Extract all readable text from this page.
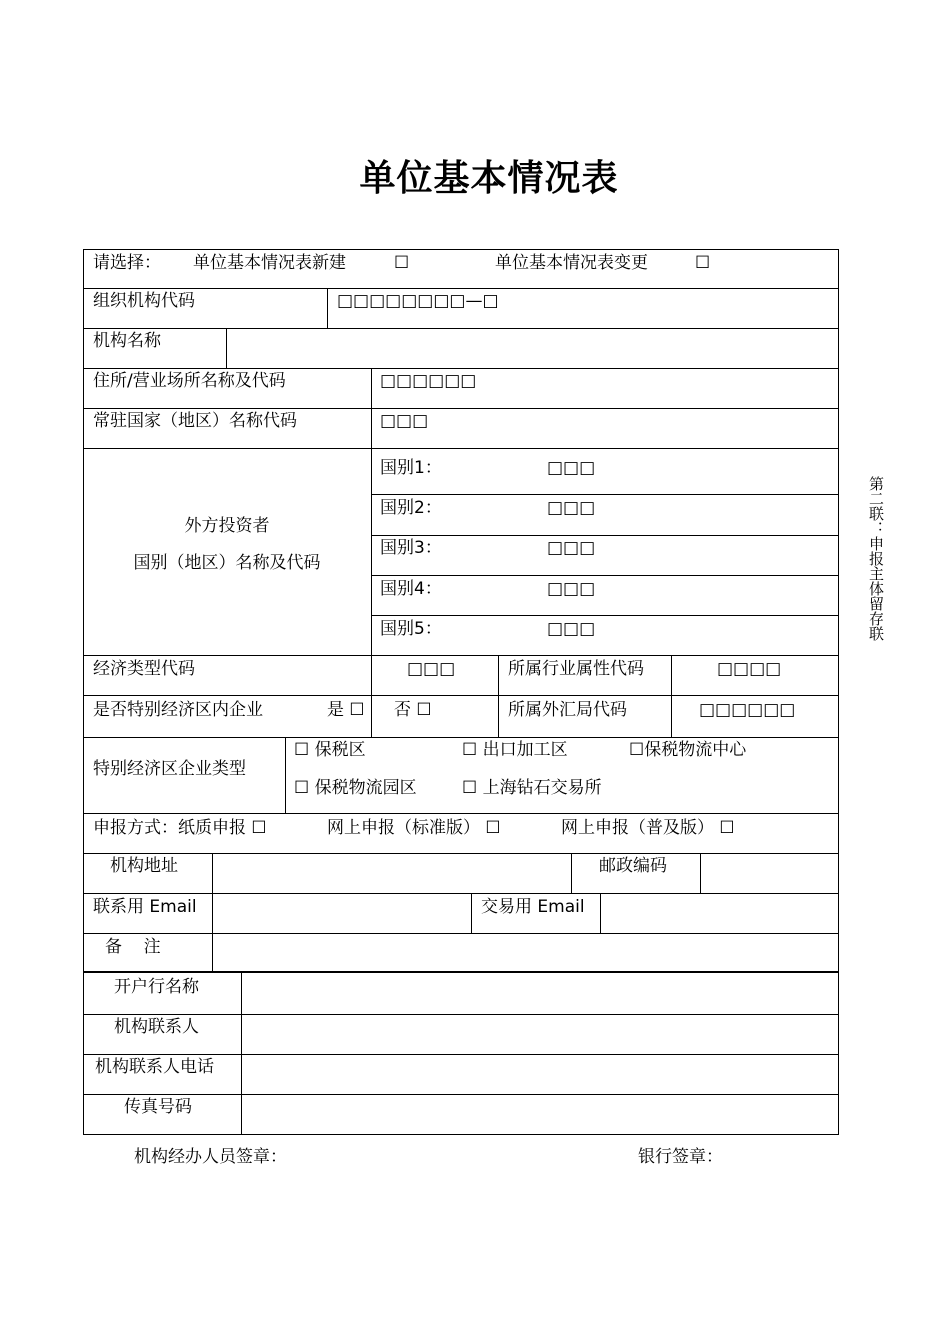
单位基本情况表
请选择： 单位基本情况表新建	☐	单位基本情况表变更	☐
组织机构代码	□□□□□□□□—□
机构名称
住所/营业场所名称及代码	□□□□□□
常驻国家（地区）名称代码	□□□
外方投资者
国别（地区）名称及代码
国别1：	□□□
国别2：	□□□
国别3：	□□□
国别4：	□□□
国别5：	□□□
经济类型代码	□□□	所属行业属性代码	□□□□
是否特别经济区内企业	是 ☐ 否 ☐	所属外汇局代码	□□□□□□
特别经济区企业类型
☐ 保税区	☐ 出口加工区	☐保税物流中心
☐ 保税物流园区	☐ 上海钻石交易所
申报方式：纸质申报 ☐	网上申报（标准版） ☐	网上申报（普及版） ☐
机构地址	邮政编码
联系用 Email	交易用 Email
备    注
开户行名称
机构联系人
机构联系人电话
传真号码
第二联：申报主体留存联
机构经办人员签章：	银行签章：
